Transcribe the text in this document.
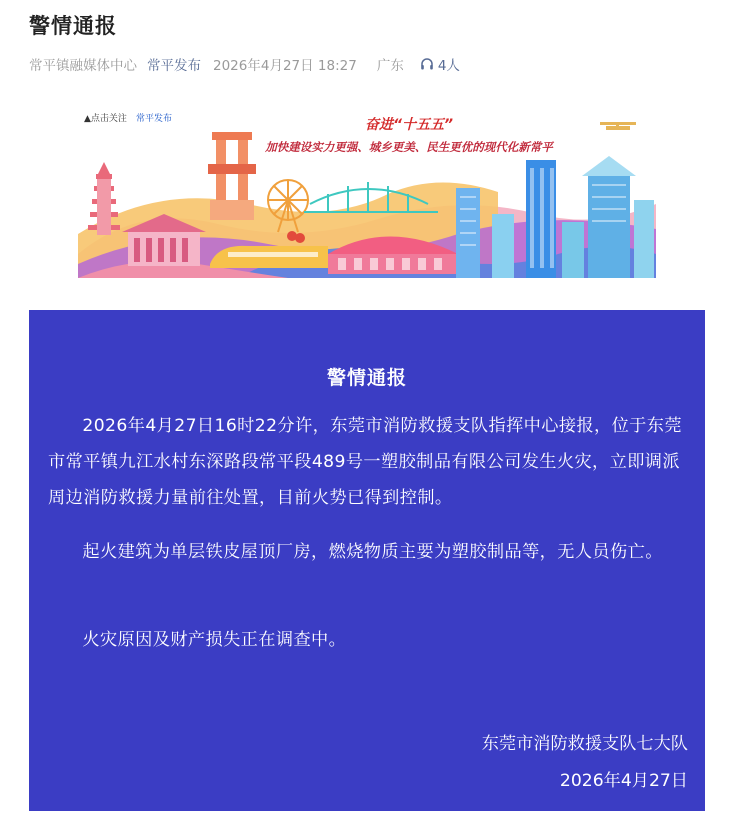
警情通报
常平镇融媒体中心 常平发布 2026年4月27日 18:27 广东	4人
▲点击关注 常平发布	奋进“十五五”
加快建设实力更强、城乡更美、民生更优的现代化新常平
警情通报

2026年4月27日16时22分许，东莞市消防救援支队指挥中心接报，位于东莞市常平镇九江水村东深路段常平段489号一塑胶制品有限公司发生火灾，立即调派周边消防救援力量前往处置，目前火势已得到控制。

起火建筑为单层铁皮屋顶厂房，燃烧物质主要为塑胶制品等，无人员伤亡。

火灾原因及财产损失正在调查中。

东莞市消防救援支队七大队
2026年4月27日
